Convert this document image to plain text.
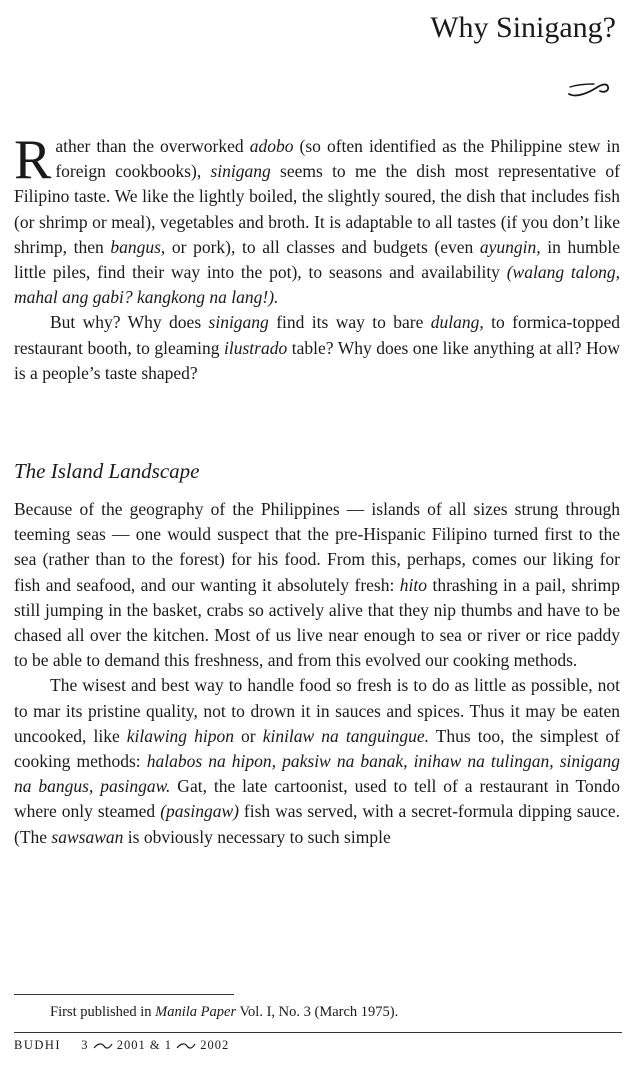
Why Sinigang?

Rather than the overworked adobo (so often identified as the Philippine stew in foreign cookbooks), sinigang seems to me the dish most representative of Filipino taste. We like the lightly boiled, the slightly soured, the dish that includes fish (or shrimp or meal), vegetables and broth. It is adaptable to all tastes (if you don’t like shrimp, then bangus, or pork), to all classes and budgets (even ayungin, in humble little piles, find their way into the pot), to seasons and availability (walang talong, mahal ang gabi? kangkong na lang!).

But why? Why does sinigang find its way to bare dulang, to formica-topped restaurant booth, to gleaming ilustrado table? Why does one like anything at all? How is a people’s taste shaped?

The Island Landscape

Because of the geography of the Philippines — islands of all sizes strung through teeming seas — one would suspect that the pre-Hispanic Filipino turned first to the sea (rather than to the forest) for his food. From this, perhaps, comes our liking for fish and seafood, and our wanting it absolutely fresh: hito thrashing in a pail, shrimp still jumping in the basket, crabs so actively alive that they nip thumbs and have to be chased all over the kitchen. Most of us live near enough to sea or river or rice paddy to be able to demand this freshness, and from this evolved our cooking methods.

The wisest and best way to handle food so fresh is to do as little as possible, not to mar its pristine quality, not to drown it in sauces and spices. Thus it may be eaten uncooked, like kilawing hipon or kinilaw na tanguingue. Thus too, the simplest of cooking methods: halabos na hipon, paksiw na banak, inihaw na tulingan, sinigang na bangus, pasingaw. Gat, the late cartoonist, used to tell of a restaurant in Tondo where only steamed (pasingaw) fish was served, with a secret-formula dipping sauce. (The sawsawan is obviously necessary to such simple

First published in Manila Paper Vol. I, No. 3 (March 1975).
BUDHI 3 2001 & 1 2002
